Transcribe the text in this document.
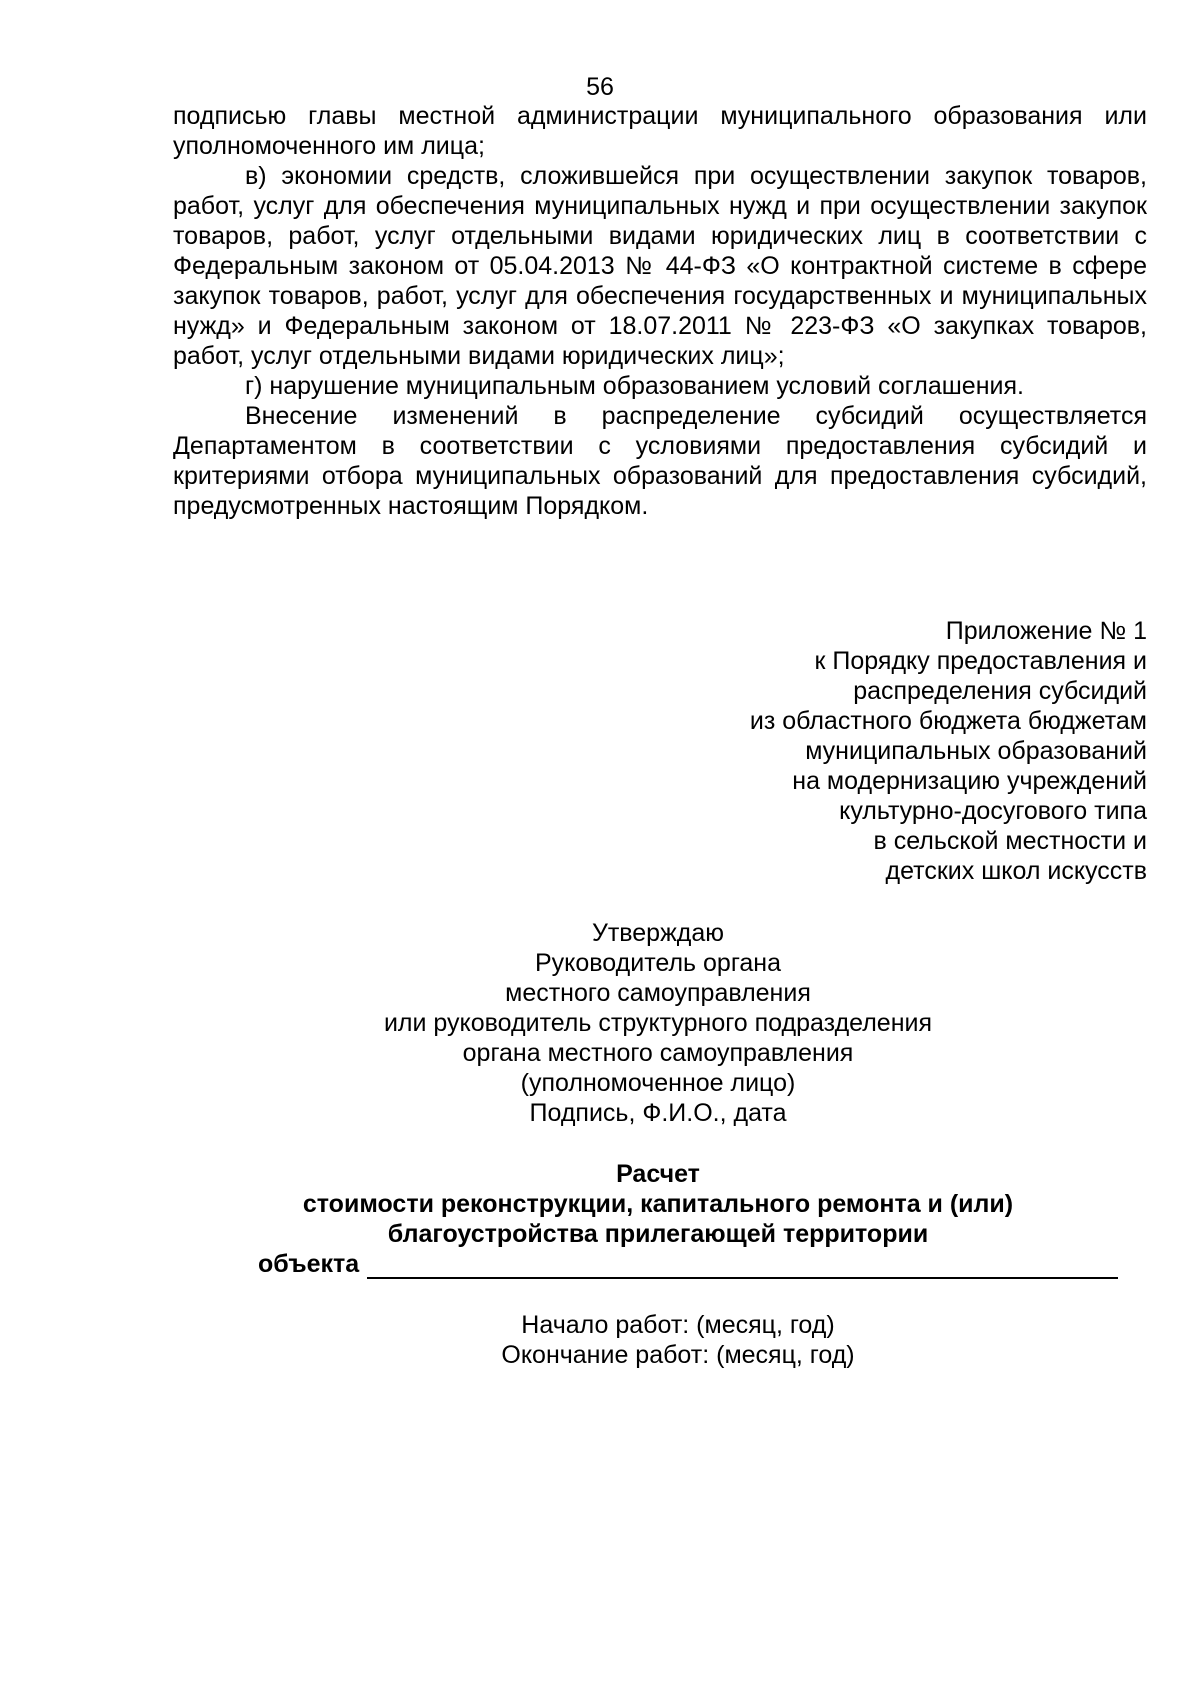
56

подписью главы местной администрации муниципального образования или уполномоченного им лица;

в) экономии средств, сложившейся при осуществлении закупок товаров, работ, услуг для обеспечения муниципальных нужд и при осуществлении закупок товаров, работ, услуг отдельными видами юридических лиц в соответствии с Федеральным законом от 05.04.2013 № 44-ФЗ «О контрактной системе в сфере закупок товаров, работ, услуг для обеспечения государственных и муниципальных нужд» и Федеральным законом от 18.07.2011 № 223-ФЗ «О закупках товаров, работ, услуг отдельными видами юридических лиц»;

г) нарушение муниципальным образованием условий соглашения.

Внесение изменений в распределение субсидий осуществляется Департаментом в соответствии с условиями предоставления субсидий и критериями отбора муниципальных образований для предоставления субсидий, предусмотренных настоящим Порядком.

Приложение № 1
к Порядку предоставления и
распределения субсидий
из областного бюджета бюджетам
муниципальных образований
на модернизацию учреждений
культурно-досугового типа
в сельской местности и
детских школ искусств
Утверждаю
Руководитель органа
местного самоуправления
или руководитель структурного подразделения
органа местного самоуправления
(уполномоченное лицо)
Подпись, Ф.И.О., дата
Расчет
стоимости реконструкции, капитального ремонта и (или)
благоустройства прилегающей территории
объекта
Начало работ: (месяц, год)
Окончание работ: (месяц, год)
